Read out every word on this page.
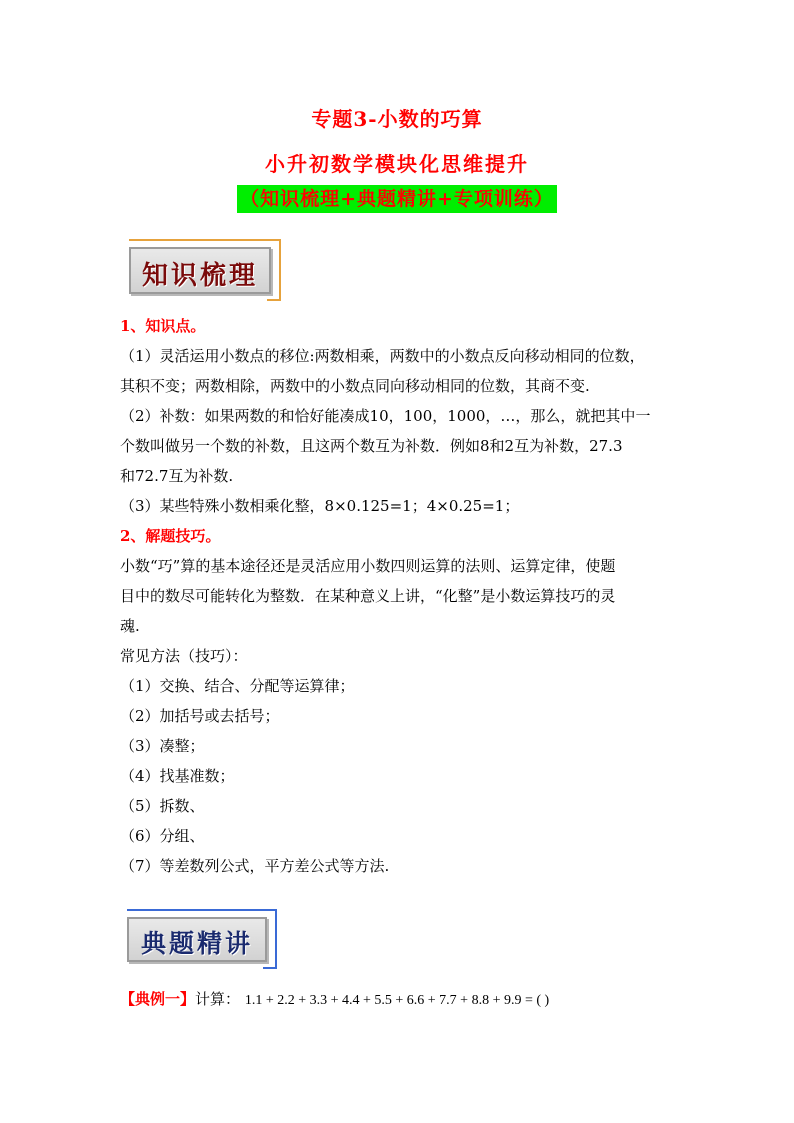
专题3-小数的巧算
小升初数学模块化思维提升
（知识梳理+典题精讲+专项训练）
知识梳理
1、知识点。
（1）灵活运用小数点的移位:两数相乘，两数中的小数点反向移动相同的位数，
其积不变；两数相除，两数中的小数点同向移动相同的位数，其商不变.
（2）补数：如果两数的和恰好能凑成10，100，1000，…，那么，就把其中一
个数叫做另一个数的补数，且这两个数互为补数．例如8和2互为补数，27.3
和72.7互为补数.
（3）某些特殊小数相乘化整，8×0.125=1；4×0.25=1；
2、解题技巧。
小数“巧”算的基本途径还是灵活应用小数四则运算的法则、运算定律，使题
目中的数尽可能转化为整数．在某种意义上讲，“化整”是小数运算技巧的灵
魂.
常见方法（技巧）：
（1）交换、结合、分配等运算律；
（2）加括号或去括号；
（3）凑整；
（4）找基准数；
（5）拆数、
（6）分组、
（7）等差数列公式，平方差公式等方法.
典题精讲
【典例一】计算： 1.1 + 2.2 + 3.3 + 4.4 + 5.5 + 6.6 + 7.7 + 8.8 + 9.9 = ( )
